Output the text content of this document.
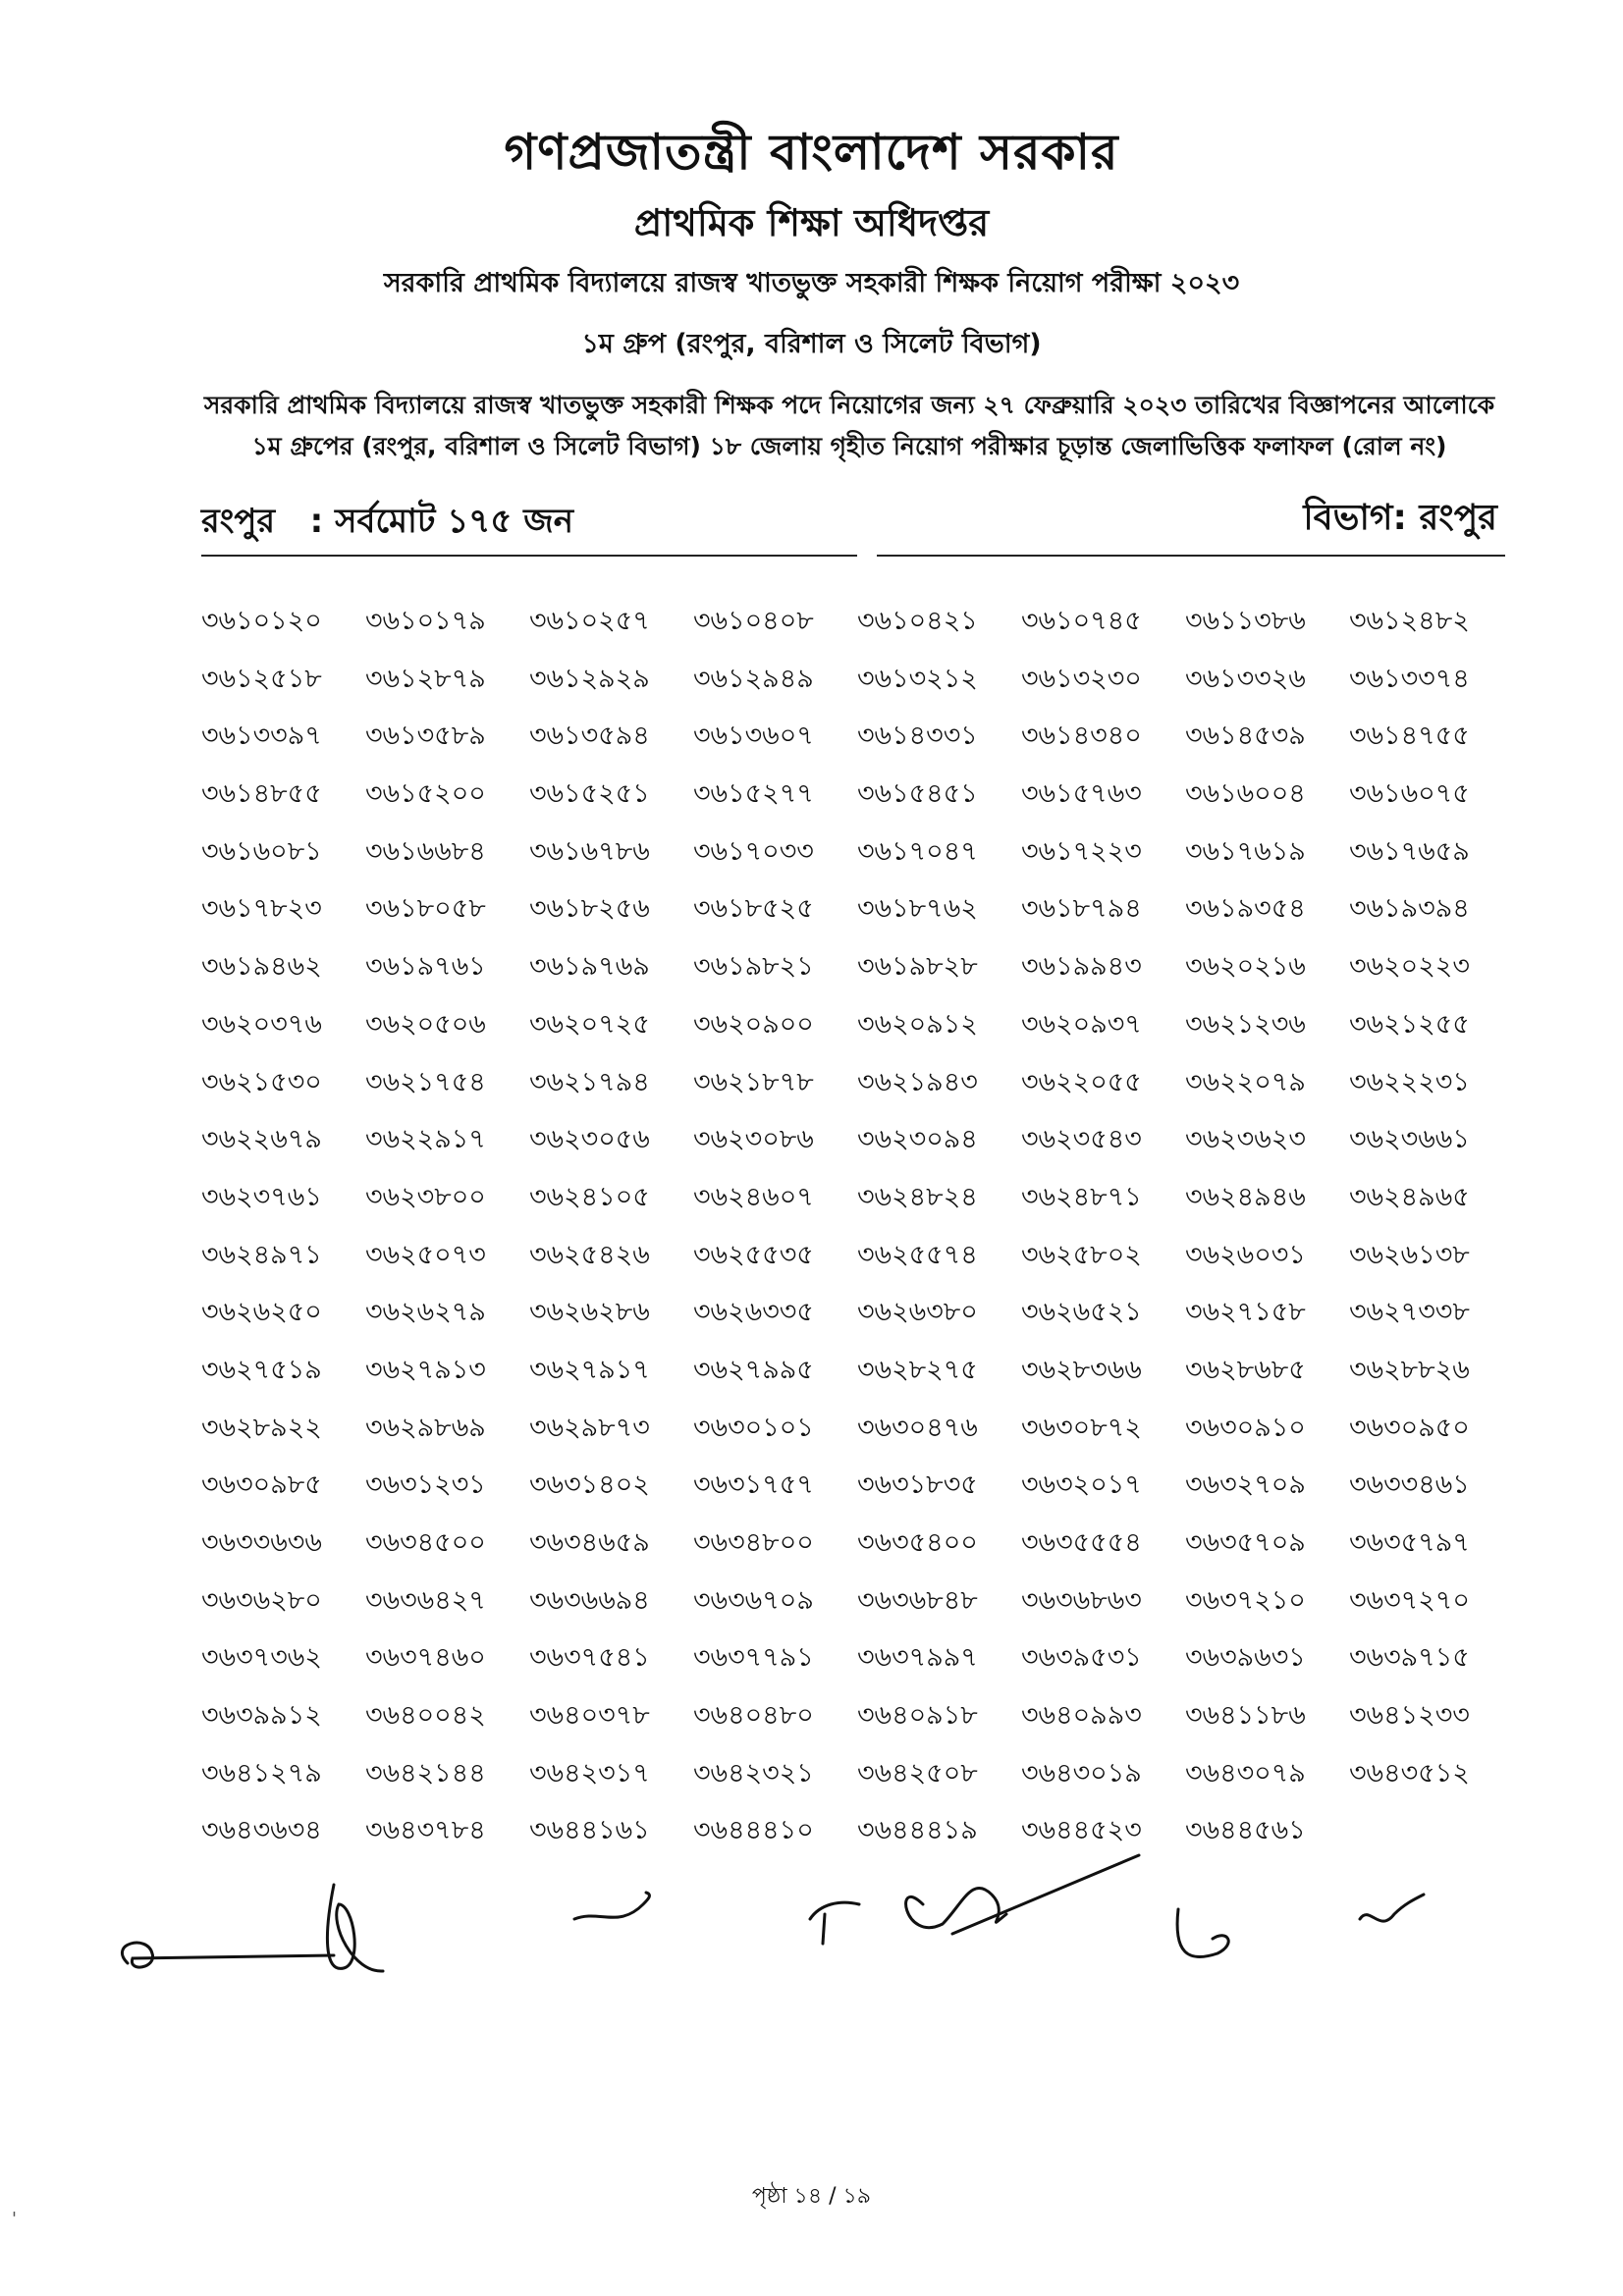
গণপ্রজাতন্ত্রী বাংলাদেশ সরকার
প্রাথমিক শিক্ষা অধিদপ্তর
সরকারি প্রাথমিক বিদ্যালয়ে রাজস্ব খাতভুক্ত সহকারী শিক্ষক নিয়োগ পরীক্ষা ২০২৩
১ম গ্রুপ (রংপুর, বরিশাল ও সিলেট বিভাগ)
সরকারি প্রাথমিক বিদ্যালয়ে রাজস্ব খাতভুক্ত সহকারী শিক্ষক পদে নিয়োগের জন্য ২৭ ফেব্রুয়ারি ২০২৩ তারিখের বিজ্ঞাপনের আলোকে ১ম গ্রুপের (রংপুর, বরিশাল ও সিলেট বিভাগ) ১৮ জেলায় গৃহীত নিয়োগ পরীক্ষার চূড়ান্ত জেলাভিত্তিক ফলাফল (রোল নং)
রংপুর   : সর্বমোট ১৭৫ জন	বিভাগ: রংপুর
৩৬১০১২০	৩৬১০১৭৯	৩৬১০২৫৭	৩৬১০৪০৮	৩৬১০৪২১	৩৬১০৭৪৫	৩৬১১৩৮৬	৩৬১২৪৮২
৩৬১২৫১৮	৩৬১২৮৭৯	৩৬১২৯২৯	৩৬১২৯৪৯	৩৬১৩২১২	৩৬১৩২৩০	৩৬১৩৩২৬	৩৬১৩৩৭৪
৩৬১৩৩৯৭	৩৬১৩৫৮৯	৩৬১৩৫৯৪	৩৬১৩৬০৭	৩৬১৪৩৩১	৩৬১৪৩৪০	৩৬১৪৫৩৯	৩৬১৪৭৫৫
৩৬১৪৮৫৫	৩৬১৫২০০	৩৬১৫২৫১	৩৬১৫২৭৭	৩৬১৫৪৫১	৩৬১৫৭৬৩	৩৬১৬০০৪	৩৬১৬০৭৫
৩৬১৬০৮১	৩৬১৬৬৮৪	৩৬১৬৭৮৬	৩৬১৭০৩৩	৩৬১৭০৪৭	৩৬১৭২২৩	৩৬১৭৬১৯	৩৬১৭৬৫৯
৩৬১৭৮২৩	৩৬১৮০৫৮	৩৬১৮২৫৬	৩৬১৮৫২৫	৩৬১৮৭৬২	৩৬১৮৭৯৪	৩৬১৯৩৫৪	৩৬১৯৩৯৪
৩৬১৯৪৬২	৩৬১৯৭৬১	৩৬১৯৭৬৯	৩৬১৯৮২১	৩৬১৯৮২৮	৩৬১৯৯৪৩	৩৬২০২১৬	৩৬২০২২৩
৩৬২০৩৭৬	৩৬২০৫০৬	৩৬২০৭২৫	৩৬২০৯০০	৩৬২০৯১২	৩৬২০৯৩৭	৩৬২১২৩৬	৩৬২১২৫৫
৩৬২১৫৩০	৩৬২১৭৫৪	৩৬২১৭৯৪	৩৬২১৮৭৮	৩৬২১৯৪৩	৩৬২২০৫৫	৩৬২২০৭৯	৩৬২২২৩১
৩৬২২৬৭৯	৩৬২২৯১৭	৩৬২৩০৫৬	৩৬২৩০৮৬	৩৬২৩০৯৪	৩৬২৩৫৪৩	৩৬২৩৬২৩	৩৬২৩৬৬১
৩৬২৩৭৬১	৩৬২৩৮০০	৩৬২৪১০৫	৩৬২৪৬০৭	৩৬২৪৮২৪	৩৬২৪৮৭১	৩৬২৪৯৪৬	৩৬২৪৯৬৫
৩৬২৪৯৭১	৩৬২৫০৭৩	৩৬২৫৪২৬	৩৬২৫৫৩৫	৩৬২৫৫৭৪	৩৬২৫৮০২	৩৬২৬০৩১	৩৬২৬১৩৮
৩৬২৬২৫০	৩৬২৬২৭৯	৩৬২৬২৮৬	৩৬২৬৩৩৫	৩৬২৬৩৮০	৩৬২৬৫২১	৩৬২৭১৫৮	৩৬২৭৩৩৮
৩৬২৭৫১৯	৩৬২৭৯১৩	৩৬২৭৯১৭	৩৬২৭৯৯৫	৩৬২৮২৭৫	৩৬২৮৩৬৬	৩৬২৮৬৮৫	৩৬২৮৮২৬
৩৬২৮৯২২	৩৬২৯৮৬৯	৩৬২৯৮৭৩	৩৬৩০১০১	৩৬৩০৪৭৬	৩৬৩০৮৭২	৩৬৩০৯১০	৩৬৩০৯৫০
৩৬৩০৯৮৫	৩৬৩১২৩১	৩৬৩১৪০২	৩৬৩১৭৫৭	৩৬৩১৮৩৫	৩৬৩২০১৭	৩৬৩২৭০৯	৩৬৩৩৪৬১
৩৬৩৩৬৩৬	৩৬৩৪৫০০	৩৬৩৪৬৫৯	৩৬৩৪৮০০	৩৬৩৫৪০০	৩৬৩৫৫৫৪	৩৬৩৫৭০৯	৩৬৩৫৭৯৭
৩৬৩৬২৮০	৩৬৩৬৪২৭	৩৬৩৬৬৯৪	৩৬৩৬৭০৯	৩৬৩৬৮৪৮	৩৬৩৬৮৬৩	৩৬৩৭২১০	৩৬৩৭২৭০
৩৬৩৭৩৬২	৩৬৩৭৪৬০	৩৬৩৭৫৪১	৩৬৩৭৭৯১	৩৬৩৭৯৯৭	৩৬৩৯৫৩১	৩৬৩৯৬৩১	৩৬৩৯৭১৫
৩৬৩৯৯১২	৩৬৪০০৪২	৩৬৪০৩৭৮	৩৬৪০৪৮০	৩৬৪০৯১৮	৩৬৪০৯৯৩	৩৬৪১১৮৬	৩৬৪১২৩৩
৩৬৪১২৭৯	৩৬৪২১৪৪	৩৬৪২৩১৭	৩৬৪২৩২১	৩৬৪২৫০৮	৩৬৪৩০১৯	৩৬৪৩০৭৯	৩৬৪৩৫১২
৩৬৪৩৬৩৪	৩৬৪৩৭৮৪	৩৬৪৪১৬১	৩৬৪৪৪১০	৩৬৪৪৪১৯	৩৬৪৪৫২৩	৩৬৪৪৫৬১
পৃষ্ঠা ১৪ / ১৯
'
